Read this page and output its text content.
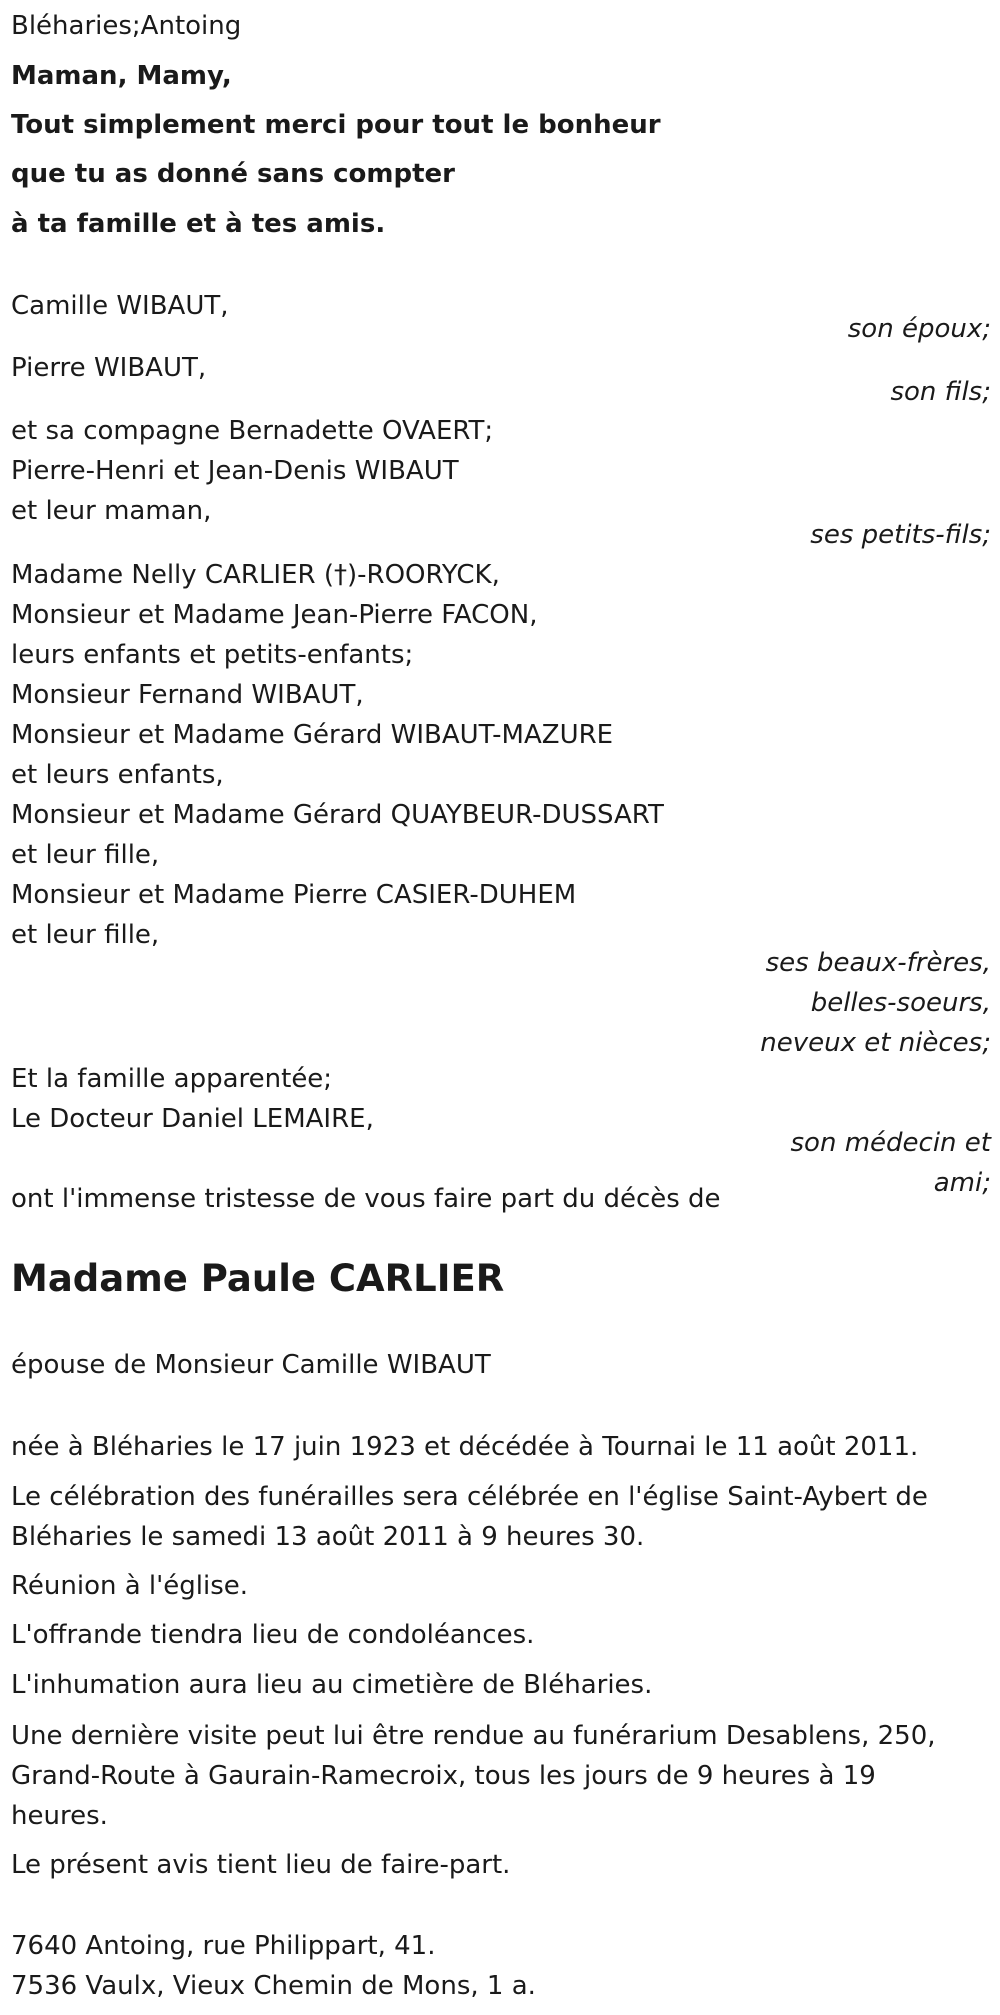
Bléharies;Antoing
Maman, Mamy,
Tout simplement merci pour tout le bonheur
que tu as donné sans compter
à ta famille et à tes amis.
Camille WIBAUT,
son époux;
Pierre WIBAUT,
son fils;
et sa compagne Bernadette OVAERT;
Pierre-Henri et Jean-Denis WIBAUT
et leur maman,
ses petits-fils;
Madame Nelly CARLIER (†)-ROORYCK,
Monsieur et Madame Jean-Pierre FACON,
leurs enfants et petits-enfants;
Monsieur Fernand WIBAUT,
Monsieur et Madame Gérard WIBAUT-MAZURE
et leurs enfants,
Monsieur et Madame Gérard QUAYBEUR-DUSSART
et leur fille,
Monsieur et Madame Pierre CASIER-DUHEM
et leur fille,
ses beaux-frères,
belles-soeurs,
neveux et nièces;
Et la famille apparentée;
Le Docteur Daniel LEMAIRE,
son médecin et
ami;
ont l'immense tristesse de vous faire part du décès de
Madame Paule CARLIER
épouse de Monsieur Camille WIBAUT
née à Bléharies le 17 juin 1923 et décédée à Tournai le 11 août 2011.
Le célébration des funérailles sera célébrée en l'église Saint-Aybert de
Bléharies le samedi 13 août 2011 à 9 heures 30.
Réunion à l'église.
L'offrande tiendra lieu de condoléances.
L'inhumation aura lieu au cimetière de Bléharies.
Une dernière visite peut lui être rendue au funérarium Desablens, 250,
Grand-Route à Gaurain-Ramecroix, tous les jours de 9 heures à 19
heures.
Le présent avis tient lieu de faire-part.
7640 Antoing, rue Philippart, 41.
7536 Vaulx, Vieux Chemin de Mons, 1 a.
